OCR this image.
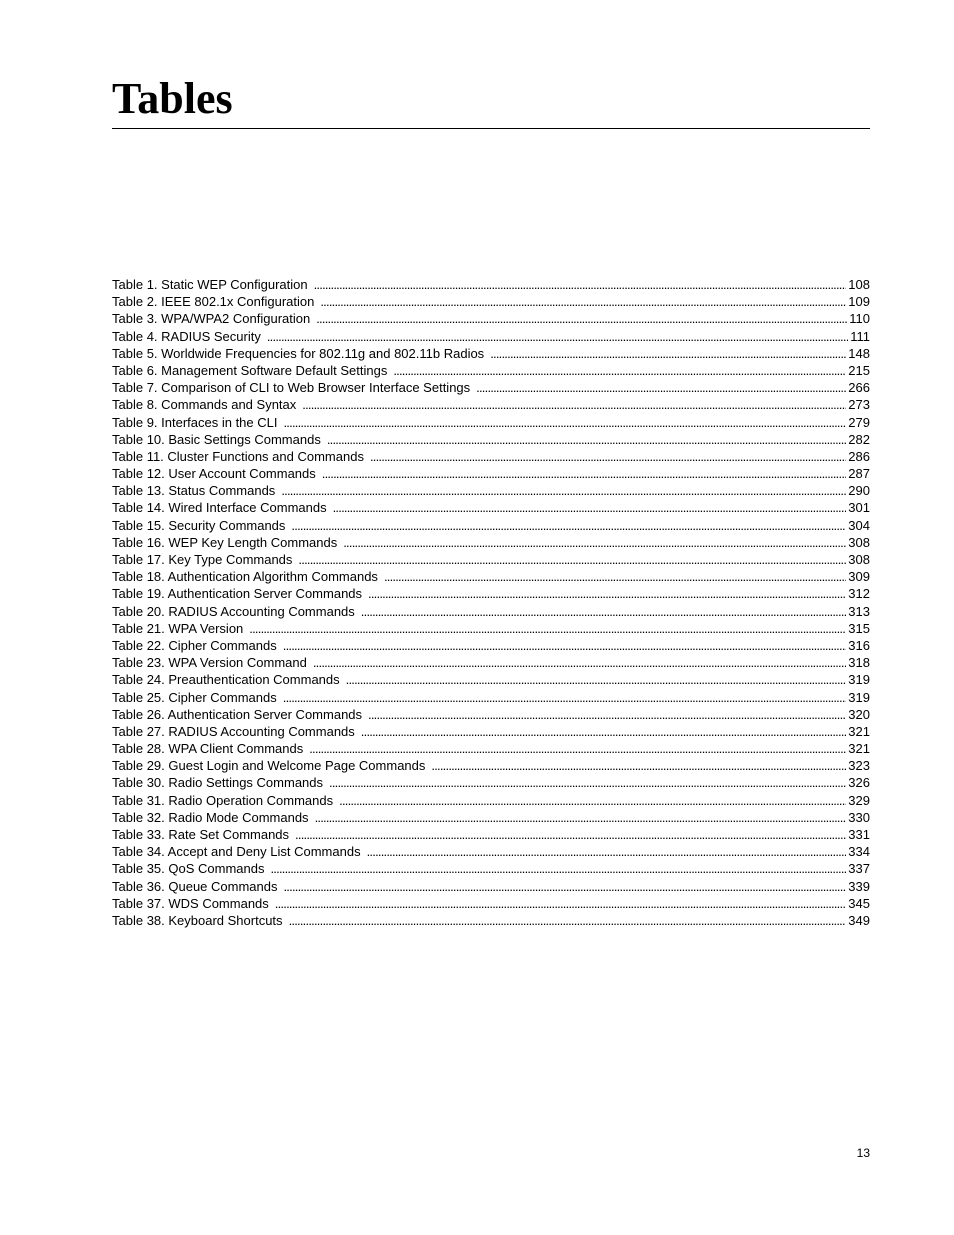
Tables
Table 1. Static WEP Configuration . . .	108
Table 2. IEEE 802.1x Configuration . . .	109
Table 3. WPA/WPA2 Configuration . . .	110
Table 4. RADIUS Security . . .	111
Table 5. Worldwide Frequencies for 802.11g and 802.11b Radios . . .	148
Table 6. Management Software Default Settings . . .	215
Table 7. Comparison of CLI to Web Browser Interface Settings . . .	266
Table 8. Commands and Syntax . . .	273
Table 9. Interfaces in the CLI . . .	279
Table 10. Basic Settings Commands . . .	282
Table 11. Cluster Functions and Commands . . .	286
Table 12. User Account Commands . . .	287
Table 13. Status Commands . . .	290
Table 14. Wired Interface Commands . . .	301
Table 15. Security Commands . . .	304
Table 16. WEP Key Length Commands . . .	308
Table 17. Key Type Commands . . .	308
Table 18. Authentication Algorithm Commands . . .	309
Table 19. Authentication Server Commands . . .	312
Table 20. RADIUS Accounting Commands . . .	313
Table 21. WPA Version . . .	315
Table 22. Cipher Commands . . .	316
Table 23. WPA Version Command . . .	318
Table 24. Preauthentication Commands . . .	319
Table 25. Cipher Commands . . .	319
Table 26. Authentication Server Commands . . .	320
Table 27. RADIUS Accounting Commands . . .	321
Table 28. WPA Client Commands . . .	321
Table 29. Guest Login and Welcome Page Commands . . .	323
Table 30. Radio Settings Commands . . .	326
Table 31. Radio Operation Commands . . .	329
Table 32. Radio Mode Commands . . .	330
Table 33. Rate Set Commands . . .	331
Table 34. Accept and Deny List Commands . . .	334
Table 35. QoS Commands . . .	337
Table 36. Queue Commands . . .	339
Table 37. WDS Commands . . .	345
Table 38. Keyboard Shortcuts . . .	349
13
